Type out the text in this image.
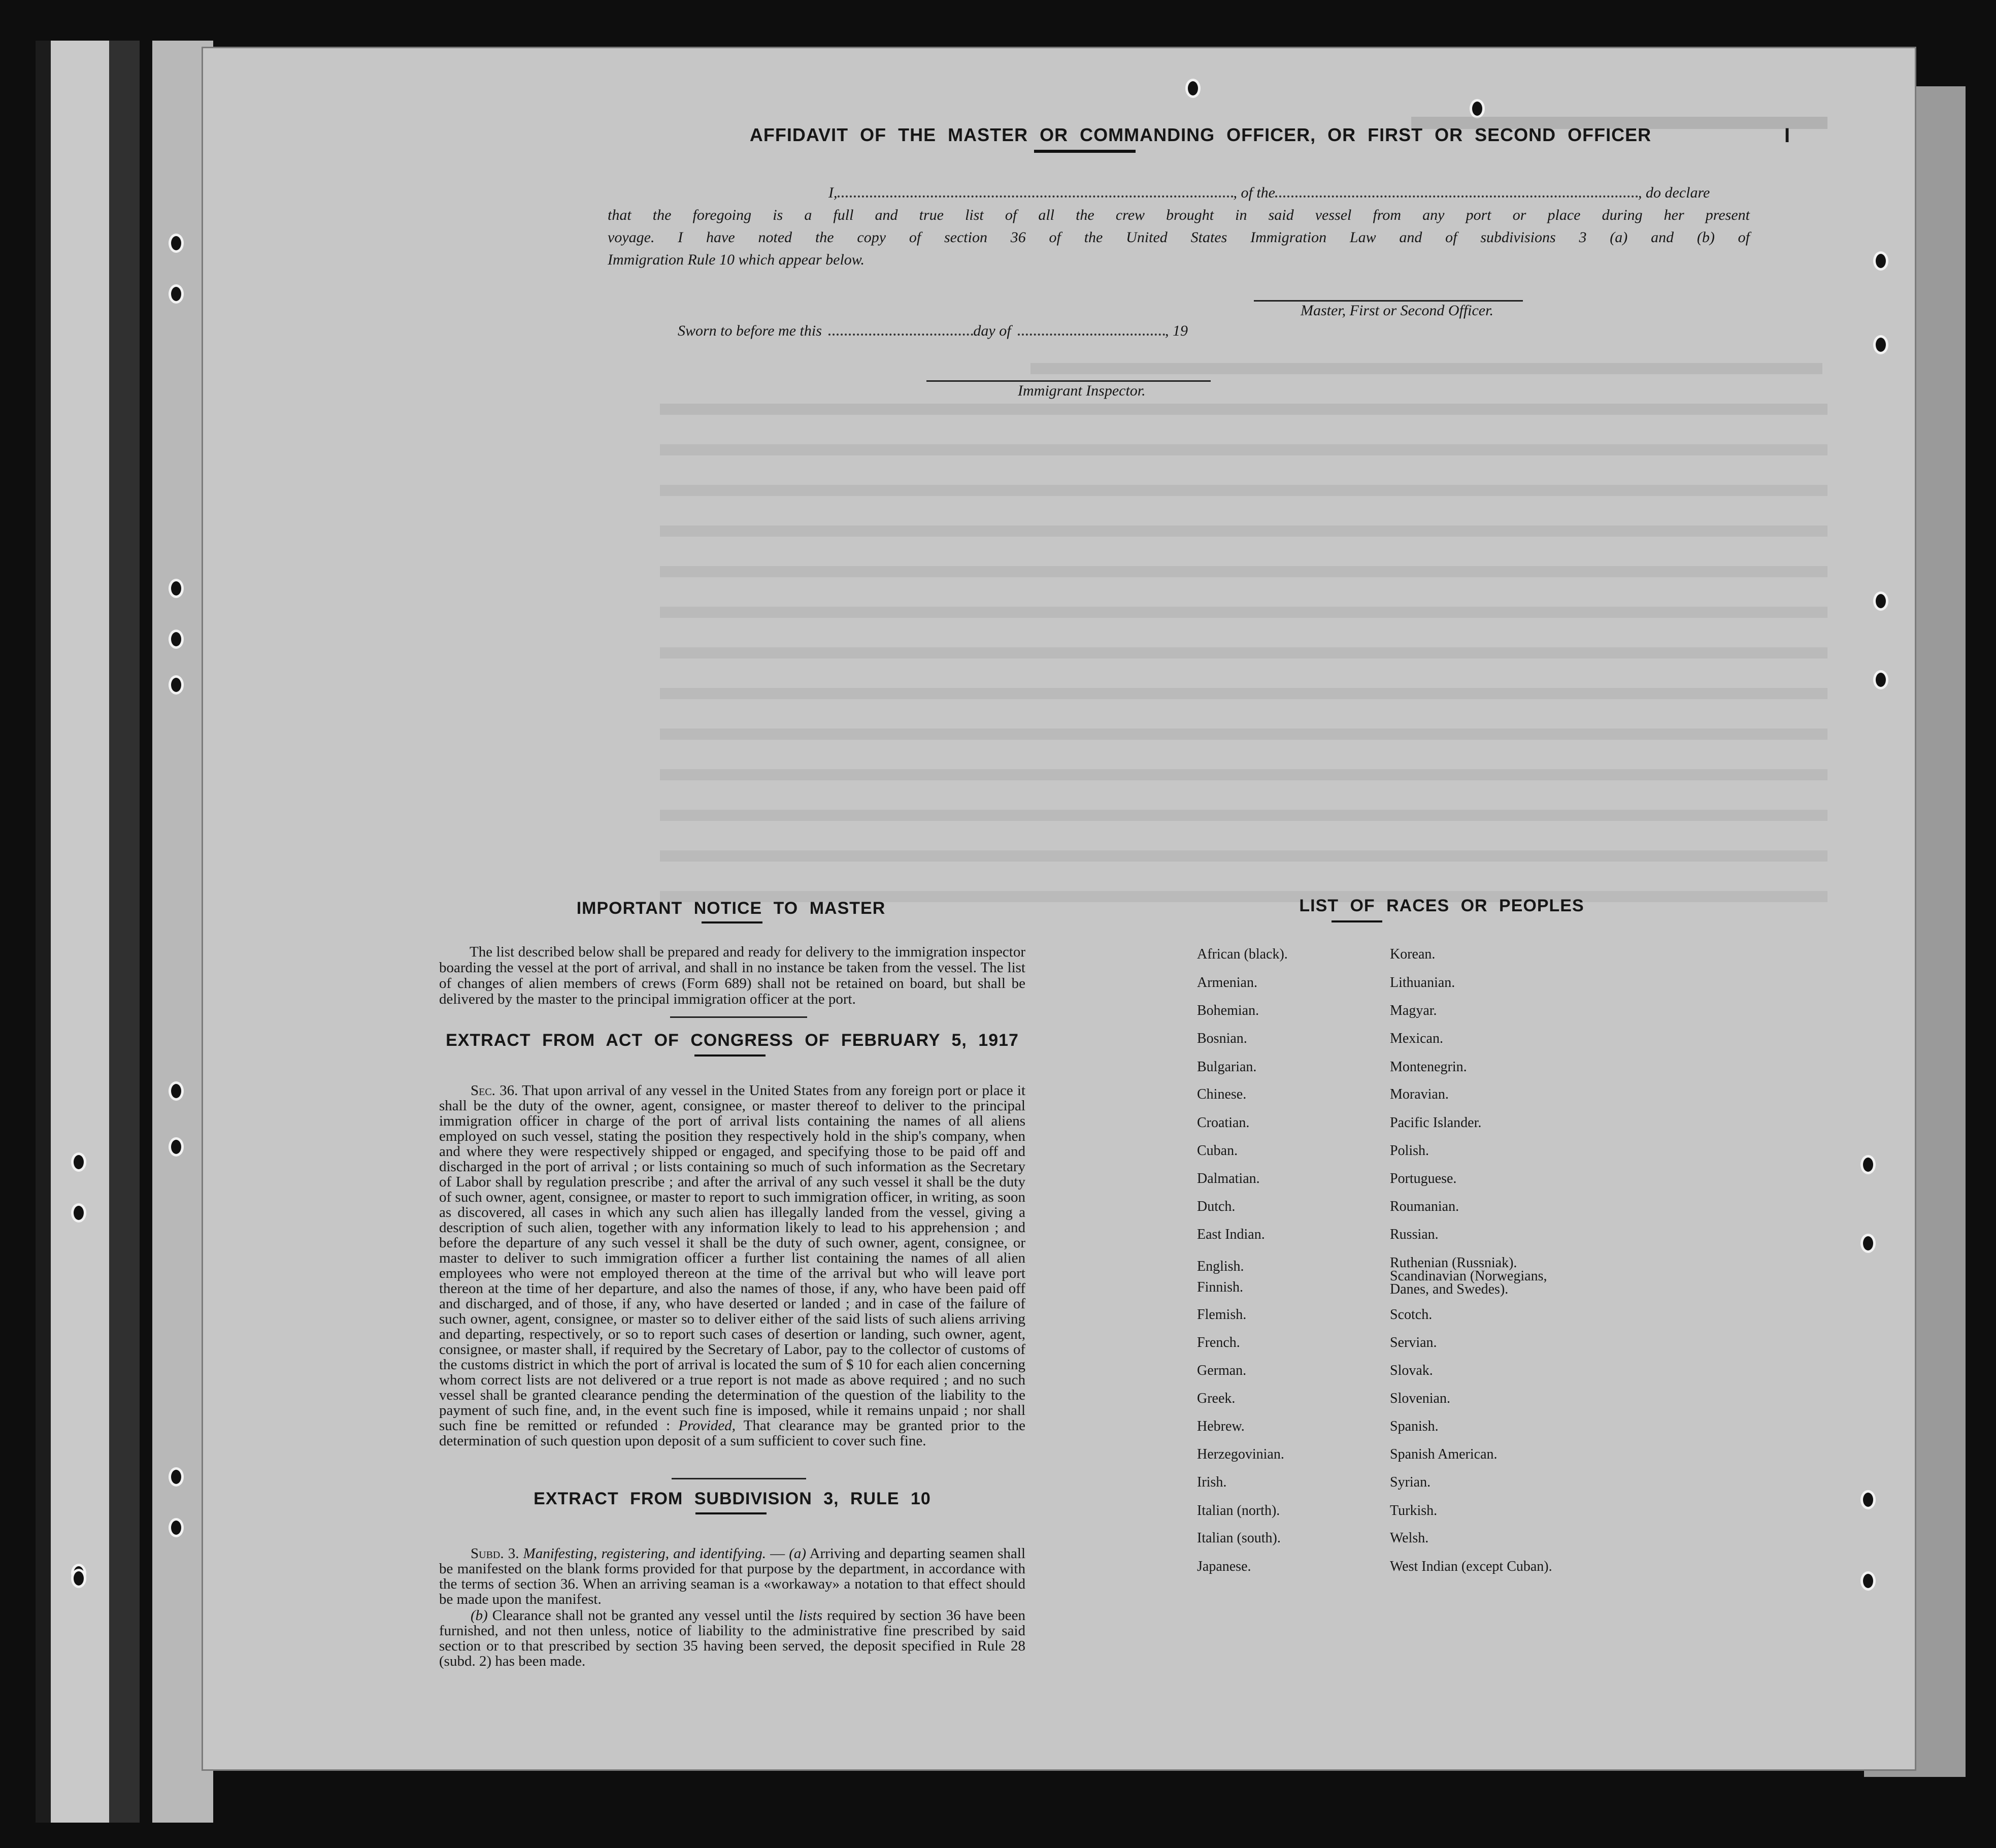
I
AFFIDAVIT OF THE MASTER OR COMMANDING OFFICER, OR FIRST OR SECOND OFFICER
I,	, of the	, do declare
that the foregoing is a full and true list of all the crew brought in said vessel from any port or place during her present
voyage. I have noted the copy of section 36 of the United States Immigration Law and of subdivisions 3 (a) and (b) of
Immigration Rule 10 which appear below.
Master, First or Second Officer.
Sworn to before me this	day of	, 19
Immigrant Inspector.
IMPORTANT NOTICE TO MASTER
The list described below shall be prepared and ready for delivery to the immigration inspector boarding the vessel at the port of arrival, and shall in no instance be taken from the vessel. The list of changes of alien members of crews (Form 689) shall not be retained on board, but shall be delivered by the master to the principal immigration officer at the port.
EXTRACT FROM ACT OF CONGRESS OF FEBRUARY 5, 1917
Sec. 36. That upon arrival of any vessel in the United States from any foreign port or place it shall be the duty of the owner, agent, consignee, or master thereof to deliver to the principal immigration officer in charge of the port of arrival lists containing the names of all aliens employed on such vessel, stating the position they respectively hold in the ship's company, when and where they were respectively shipped or engaged, and specifying those to be paid off and discharged in the port of arrival ; or lists containing so much of such information as the Secretary of Labor shall by regulation prescribe ; and after the arrival of any such vessel it shall be the duty of such owner, agent, consignee, or master to report to such immigration officer, in writing, as soon as discovered, all cases in which any such alien has illegally landed from the vessel, giving a description of such alien, together with any information likely to lead to his apprehension ; and before the departure of any such vessel it shall be the duty of such owner, agent, consignee, or master to deliver to such immigration officer a further list containing the names of all alien employees who were not employed thereon at the time of the arrival but who will leave port thereon at the time of her departure, and also the names of those, if any, who have been paid off and discharged, and of those, if any, who have deserted or landed ; and in case of the failure of such owner, agent, consignee, or master so to deliver either of the said lists of such aliens arriving and departing, respectively, or so to report such cases of desertion or landing, such owner, agent, consignee, or master shall, if required by the Secretary of Labor, pay to the collector of customs of the customs district in which the port of arrival is located the sum of $ 10 for each alien concerning whom correct lists are not delivered or a true report is not made as above required ; and no such vessel shall be granted clearance pending the determination of the question of the liability to the payment of such fine, and, in the event such fine is imposed, while it remains unpaid ; nor shall such fine be remitted or refunded : Provided, That clearance may be granted prior to the determination of such question upon deposit of a sum sufficient to cover such fine.
EXTRACT FROM SUBDIVISION 3, RULE 10
Subd. 3. Manifesting, registering, and identifying. — (a) Arriving and departing seamen shall be manifested on the blank forms provided for that purpose by the department, in accordance with the terms of section 36. When an arriving seaman is a «workaway» a notation to that effect should be made upon the manifest.
(b) Clearance shall not be granted any vessel until the lists required by section 36 have been furnished, and not then unless, notice of liability to the administrative fine prescribed by said section or to that prescribed by section 35 having been served, the deposit specified in Rule 28 (subd. 2) has been made.
LIST OF RACES OR PEOPLES
African (black).
Armenian.
Bohemian.
Bosnian.
Bulgarian.
Chinese.
Croatian.
Cuban.
Dalmatian.
Dutch.
East Indian.
English.
Finnish.
Flemish.
French.
German.
Greek.
Hebrew.
Herzegovinian.
Irish.
Italian (north).
Italian (south).
Japanese.
Korean.
Lithuanian.
Magyar.
Mexican.
Montenegrin.
Moravian.
Pacific Islander.
Polish.
Portuguese.
Roumanian.
Russian.
Ruthenian (Russniak).
Scandinavian (Norwegians,
Danes, and Swedes).
Scotch.
Servian.
Slovak.
Slovenian.
Spanish.
Spanish American.
Syrian.
Turkish.
Welsh.
West Indian (except Cuban).
